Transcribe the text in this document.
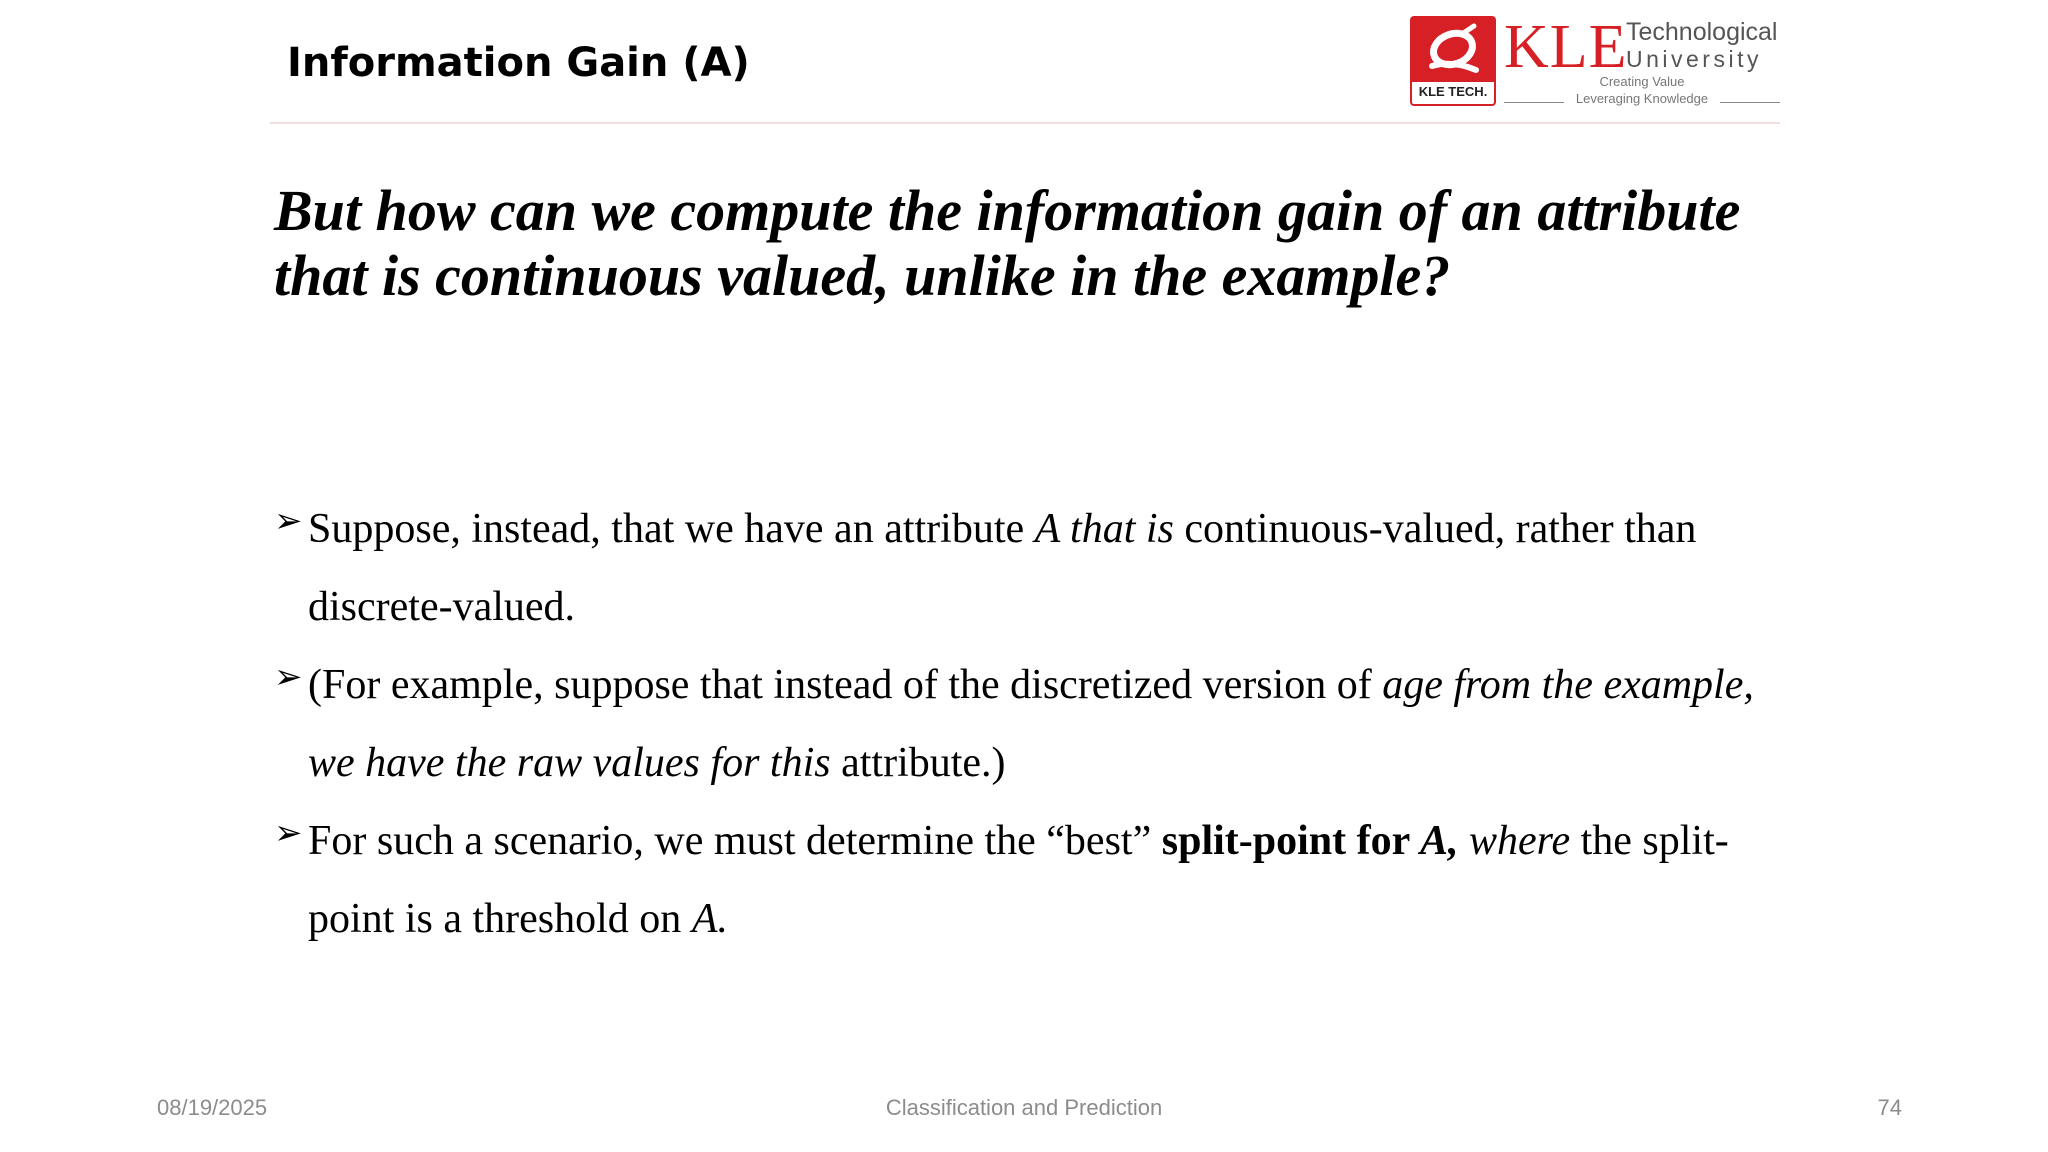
Information Gain (A)
KLE TECH.
KLE
Technological
University
Creating Value
Leveraging Knowledge
But how can we compute the information gain of an attribute that is continuous valued, unlike in the example?
➢ Suppose, instead, that we have an attribute A that is continuous-valued, rather than discrete-valued.
➢ (For example, suppose that instead of the discretized version of age from the example, we have the raw values for this attribute.)
➢ For such a scenario, we must determine the “best” split-point for A, where the split-point is a threshold on A.
08/19/2025	Classification and Prediction	74
